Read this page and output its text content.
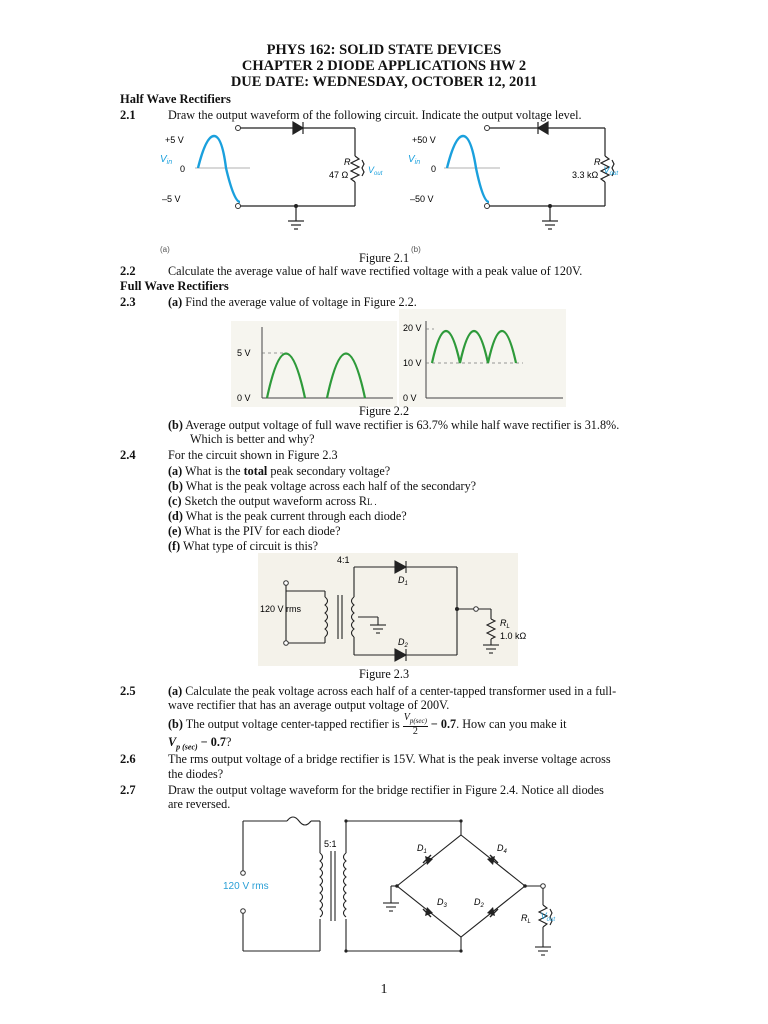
PHYS 162: SOLID STATE DEVICES
CHAPTER 2 DIODE APPLICATIONS HW 2
DUE DATE: WEDNESDAY, OCTOBER 12, 2011
Half Wave Rectifiers
2.1	Draw the output waveform of the following circuit. Indicate the output voltage level.
+5 V
0
–5 V
$V_{in}$	R
47 Ω $V_{out}$
(a)
+50 V
0
–50 V
$V_{in}$	R
3.3 kΩ $V_{out}$
(b)
Figure 2.1
2.2	Calculate the average value of half wave rectified voltage with a peak value of 120V.
Full Wave Rectifiers
2.3	(a) Find the average value of voltage in Figure 2.2.
5 V
0 V
20 V
10 V
0 V
Figure 2.2
(b) Average output voltage of full wave rectifier is 63.7% while half wave rectifier is 31.8%.
Which is better and why?
2.4	For the circuit shown in Figure 2.3
(a) What is the total peak secondary voltage?
(b) What is the peak voltage across each half of the secondary?
(c) Sketch the output waveform across RL .
(d) What is the peak current through each diode?
(e) What is the PIV for each diode?
(f) What type of circuit is this?
4:1
120 V rms
$D_1$
$D_2$
$R_L$
1.0 kΩ
Figure 2.3
2.5	(a) Calculate the peak voltage across each half of a center-tapped transformer used in a full-
wave rectifier that has an average output voltage of 200V.
(b) The output voltage center-tapped rectifier is $\frac{V_{p(sec)}}{2} - 0.7$. How can you make it
$V_{p (sec)} - 0.7$?
2.6	The rms output voltage of a bridge rectifier is 15V. What is the peak inverse voltage across
the diodes?
2.7	Draw the output voltage waveform for the bridge rectifier in Figure 2.4. Notice all diodes
are reversed.
5:1
120 V rms
$D_1$	$D_4$
$D_3$	$D_2$
$R_L$
$V_{out}$
1
